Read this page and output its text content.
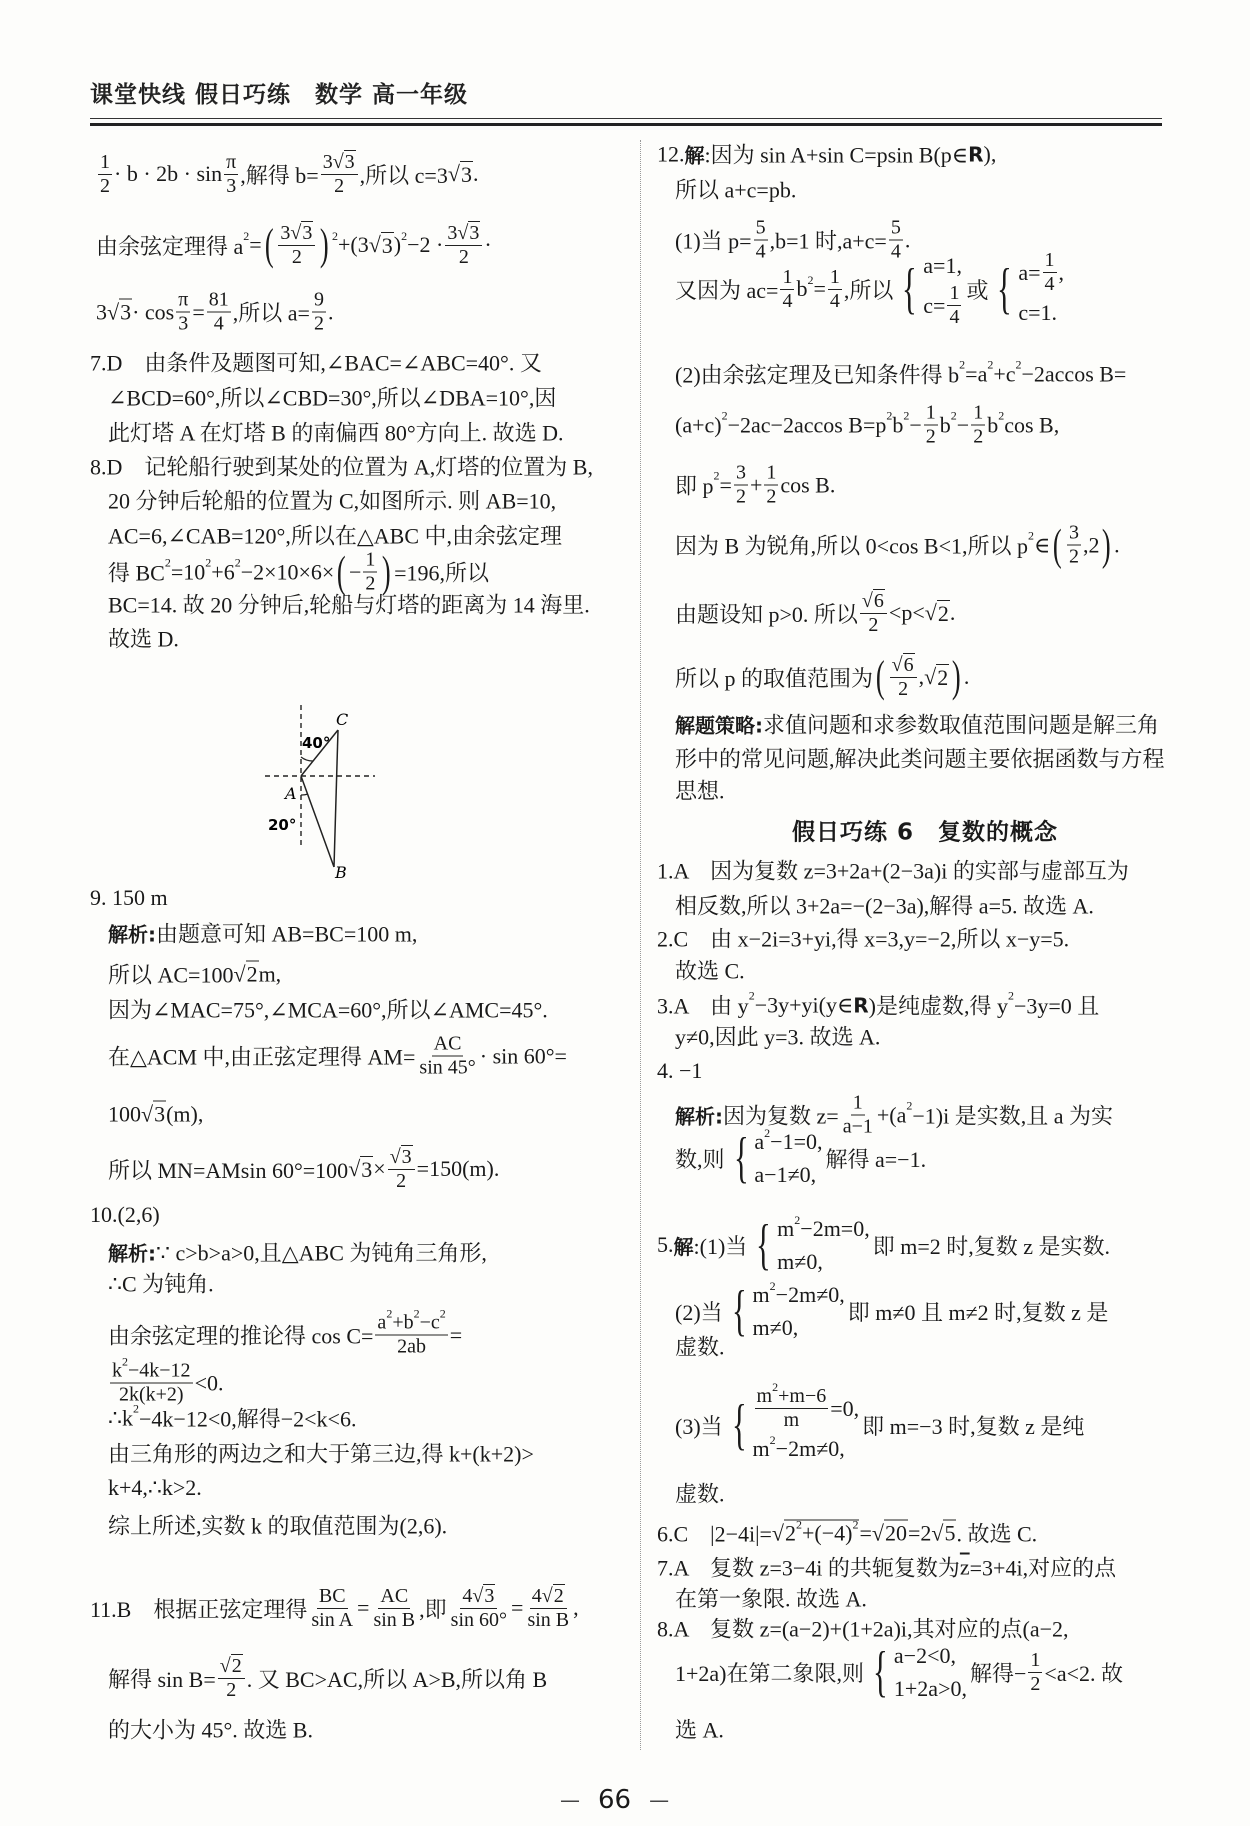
课堂快线 假日巧练　数学 高一年级
$\frac{1}{2} \cdot b \cdot 2b \cdot \sin \frac{\pi}{3}$ ,解得 $b= \frac{3 √ 3}{2}$ ,所以 c=3 √ 3 .
由余弦定理得 a 2 = ( $\frac{3 √ 3}{2}$ ) 2 +(3 √ 3 ) $2 -2 \cdot \frac{3 √ 3}{2}$ ·
3 √ $3 \cdot \cos \frac{\pi}{3} = \frac{81}{4}$ ,所以 $a= \frac{9}{2}$ .
7.D　由条件及题图可知,∠BAC=∠ABC=40°. 又
∠BCD=60°,所以∠CBD=30°,所以∠DBA=10°,因
此灯塔 A 在灯塔 B 的南偏西 80°方向上. 故选 D.
8.D　记轮船行驶到某处的位置为 A,灯塔的位置为 B,
20 分钟后轮船的位置为 C,如图所示. 则 AB=10,
AC=6,∠CAB=120°,所以在△ABC 中,由余弦定理
得 BC 2 =10 2 +6 2 −2×10×6× ( − $\frac{1}{2}$ ) =196,所以
BC=14. 故 20 分钟后,轮船与灯塔的距离为 14 海里.
故选 D.
9. 150 m
解析: 由题意可知 AB=BC=100 m,
所以 AC=100 √ 2 m,
因为∠MAC=75°,∠MCA=60°,所以∠AMC=45°.
在△ACM 中,由正弦定理得 $AM= \frac{AC}{\sin 45^\circ} \cdot \sin 60^\circ=$
100 √ 3 (m),
所以 MN=AMsin 60°=100 √ $3 \times \frac{√ 3}{2} =150(m)$.
10.(2,6)
解析: ∵ c>b>a>0,且△ABC 为钝角三角形,
∴C 为钝角.
由余弦定理的推论得 $\cos C= \frac{a 2 +b 2 -c 2}{2ab}$ =
$\frac{k 2 -4k-12}{2k(k+2)} <0$.
∴k 2 −4k−12<0,解得−2<k<6.
由三角形的两边之和大于第三边,得 k+(k+2)>
k+4,∴k>2.
综上所述,实数 k 的取值范围为(2,6).
11.B　根据正弦定理得 $\frac{BC}{\text{sin A}} = \frac{AC}{\text{sin B}}$ ,即 $\frac{4 √ 3}{\sin 60^\circ} = \frac{4 √ 2}{\text{sin B}}$ ,
解得 $\sin B= \frac{√ 2}{2}$ . 又 BC>AC,所以 A>B,所以角 B
的大小为 45°. 故选 B.
12. 解 :因为 sin A+sin C=psin B(p∈ R ),
所以 a+c=pb.
(1)当 $p= \frac{5}{4} ,b=1$ 时$,a+c= \frac{5}{4}$ .
又因为 $ac= \frac{1}{4}$ b $2 = \frac{1}{4}$ ,所以 { a=1,
$c= \frac{1}{4}$ 或 { $a= \frac{1}{4}$ ,
c=1.
(2)由余弦定理及已知条件得 b 2 =a 2 +c 2 −2accos B=
(a+c) 2 −2ac−2accos B=p 2 b $2 - \frac{1}{2}$ b $2 - \frac{1}{2}$ b 2 cos B,
即 p $2 = \frac{3}{2} + \frac{1}{2}$ cos B.
因为 B 为锐角,所以 0<cos B<1,所以 p 2 ∈ ( $\frac{3}{2} ,2$ ) .
由题设知 p>0. 所以 $\frac{√ 6}{2} <p<$ √ 2 .
所以 p 的取值范围为 ( $\frac{√ 6}{2}$ , √ 2 ) .
解题策略: 求值问题和求参数取值范围问题是解三角
形中的常见问题,解决此类问题主要依据函数与方程
思想.
1.A　因为复数 z=3+2a+(2−3a)i 的实部与虚部互为
相反数,所以 3+2a=−(2−3a),解得 a=5. 故选 A.
2.C　由 x−2i=3+yi,得 x=3,y=−2,所以 x−y=5.
故选 C.
3.A　由 y 2 −3y+yi(y∈ R )是纯虚数,得 y 2 −3y=0 且
y≠0,因此 y=3. 故选 A.
4. −1
解析: 因为复数 $z= \frac{1}{a-1} +(a$ 2 −1)i 是实数,且 a 为实
数,则 { a 2 −1=0,
a−1≠0,
解得 a=−1.
5. 解 :(1)当 { m 2 −2m=0,
m≠0,
即 m=2 时,复数 z 是实数.
(2)当 { m 2 −2m≠0,
m≠0,
即 m≠0 且 m≠2 时,复数 z 是
虚数.
(3)当 { $\frac{m 2 +m-6}{m} =0$,
m 2 −2m≠0,
即 m=−3 时,复数 z 是纯
虚数.
6.C　|2−4i|= √ 2 2 +(−4) 2 = √ 20 =2 √ 5 . 故选 C.
7.A　复数 z=3−4i 的共轭复数为 $\overline{z} =3+4i$,对应的点
在第一象限. 故选 A.
8.A　复数 z=(a−2)+(1+2a)i,其对应的点(a−2,
1+2a)在第二象限,则 { a−2<0,
1+2a>0,
解得− $\frac{1}{2} <a<2$. 故
选 A.
假日巧练 6　复数的概念
C
40°
A
20°
B
— 66 —
